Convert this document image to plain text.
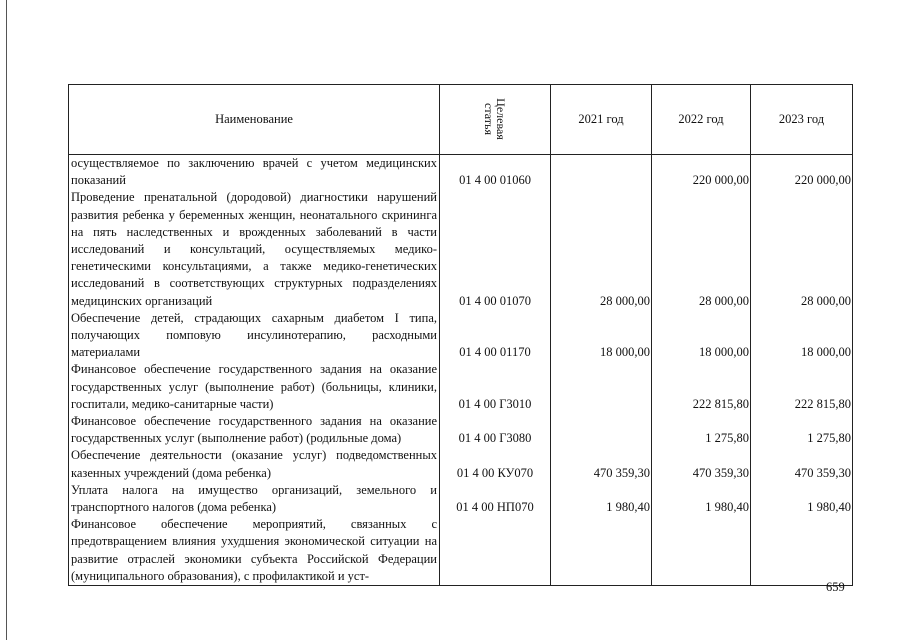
Наименование	Целевая статья	2021 год	2022 год	2023 год
осуществляемое по заключению врачей с учетом медицинских показаний	01 4 00 01060		220 000,00	220 000,00
Проведение пренатальной (дородовой) диагностики нарушений развития ребенка у беременных женщин, неонатального скрининга на пять наследственных и врожденных заболеваний в части исследований и консультаций, осуществляемых медико-генетическими консультациями, а также медико-генетических исследований в соответствующих структурных подразделениях медицинских организаций	01 4 00 01070	28 000,00	28 000,00	28 000,00
Обеспечение детей, страдающих сахарным диабетом I типа, получающих помповую инсулинотерапию, расходными материалами	01 4 00 01170	18 000,00	18 000,00	18 000,00
Финансовое обеспечение государственного задания на оказание государственных услуг (выполнение работ) (больницы, клиники, госпитали, медико-санитарные части)	01 4 00 Г3010		222 815,80	222 815,80
Финансовое обеспечение государственного задания на оказание государственных услуг (выполнение работ) (родильные дома)	01 4 00 Г3080		1 275,80	1 275,80
Обеспечение деятельности (оказание услуг) подведомственных казенных учреждений (дома ребенка)	01 4 00 КУ070	470 359,30	470 359,30	470 359,30
Уплата налога на имущество организаций, земельного и транспортного налогов (дома ребенка)	01 4 00 НП070	1 980,40	1 980,40	1 980,40
Финансовое обеспечение мероприятий, связанных с предотвращением влияния ухудшения экономической ситуации на развитие отраслей экономики субъекта Российской Федерации (муниципального образования), с профилактикой и уст-				
659
